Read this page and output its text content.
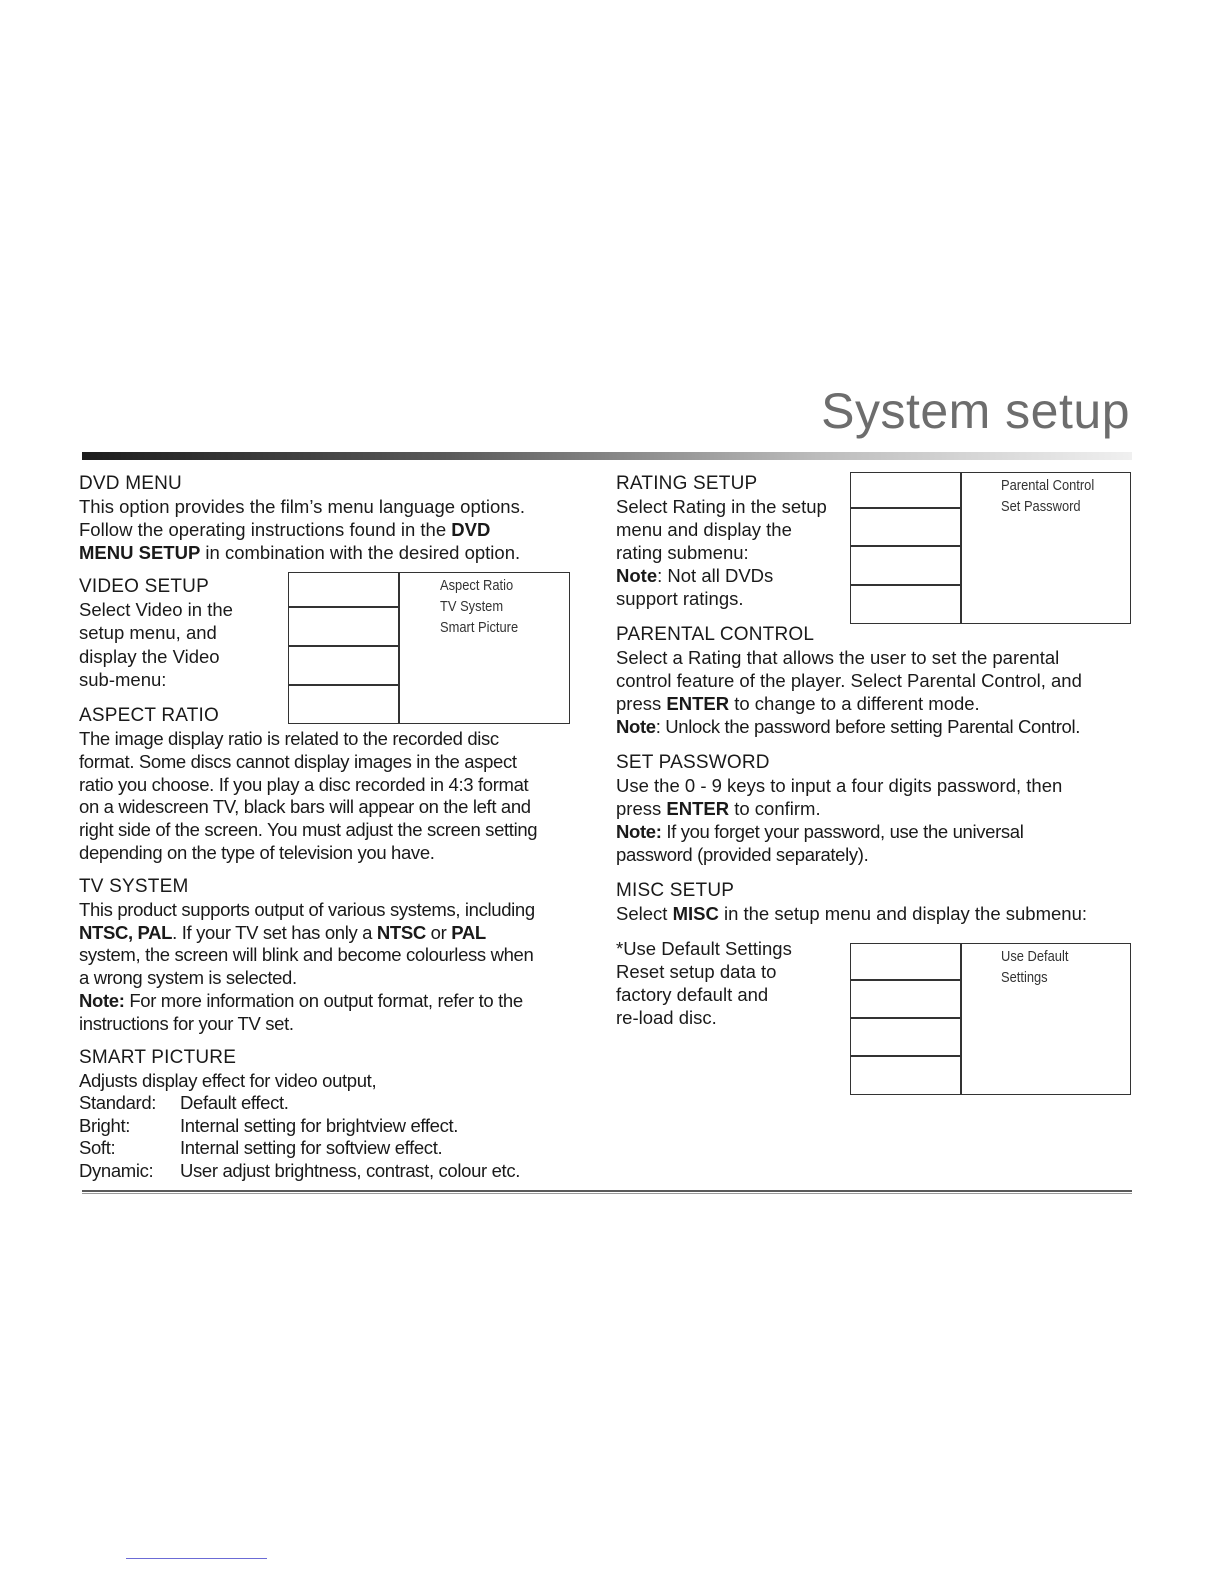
System setup
DVD MENU
This option provides the film’s menu language options.
Follow the operating instructions found in the DVD
MENU SETUP in combination with the desired option.
VIDEO SETUP
Select Video in the
setup menu, and
display the Video
sub-menu:
Aspect Ratio
TV System
Smart Picture
ASPECT RATIO
The image display ratio is related to the recorded disc
format. Some discs cannot display images in the aspect
ratio you choose. If you play a disc recorded in 4:3 format
on a widescreen TV, black bars will appear on the left and
right side of the screen. You must adjust the screen setting
depending on the type of television you have.
TV SYSTEM
This product supports output of various systems, including
NTSC, PAL. If your TV set has only a NTSC or PAL
system, the screen will blink and become colourless when
a wrong system is selected.
Note: For more information on output format, refer to the
instructions for your TV set.
SMART PICTURE
Adjusts display effect for video output,
Standard: Default effect.
Bright:	Internal setting for brightview effect.
Soft:	Internal setting for softview effect.
Dynamic: User adjust brightness, contrast, colour etc.
RATING SETUP
Select Rating in the setup
menu and display the
rating submenu:
Note: Not all DVDs
support ratings.
Parental Control
Set Password
PARENTAL CONTROL
Select a Rating that allows the user to set the parental
control feature of the player. Select Parental Control, and
press ENTER to change to a different mode.
Note: Unlock the password before setting Parental Control.
SET PASSWORD
Use the 0 - 9 keys to input a four digits password, then
press ENTER to confirm.
Note: If you forget your password, use the universal
password (provided separately).
MISC SETUP
Select MISC in the setup menu and display the submenu:
*Use Default Settings
Reset setup data to
factory default and
re-load disc.
Use Default
Settings
